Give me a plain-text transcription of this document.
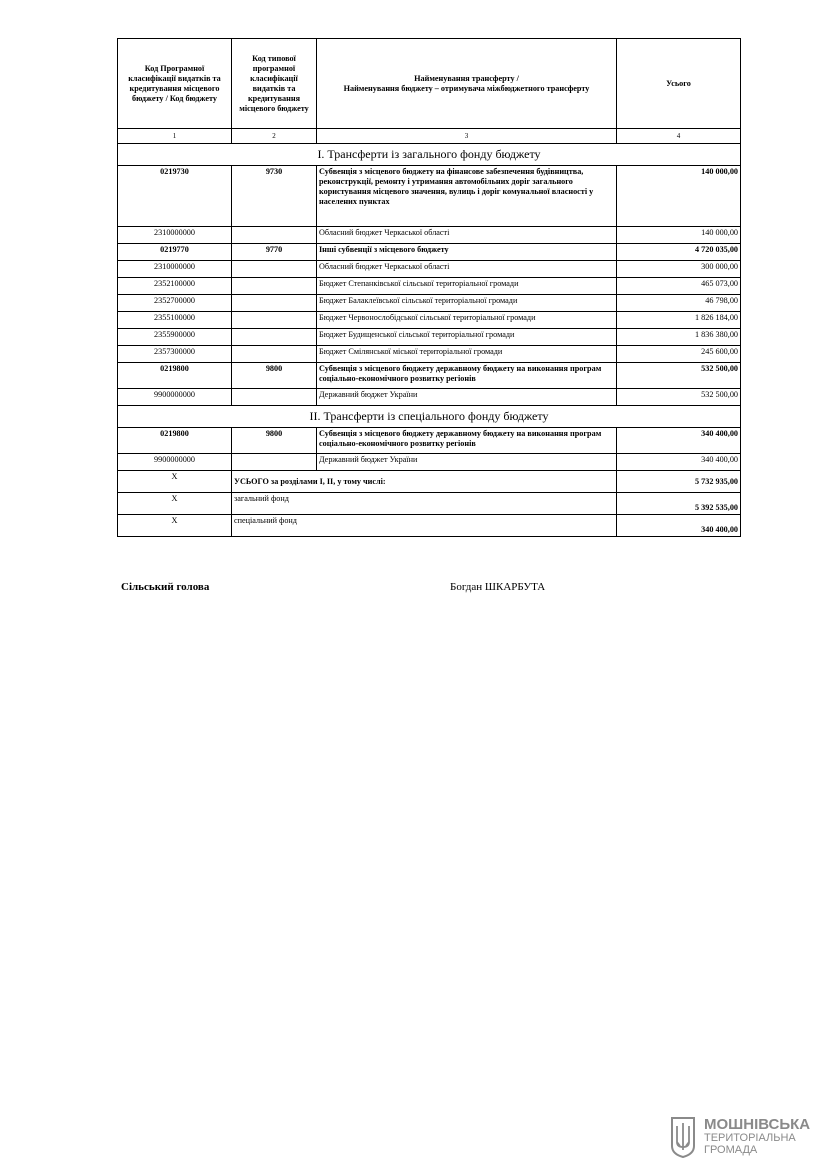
Код Програмної класифікації видатків та кредитування місцевого бюджету / Код бюджету	Код типової програмної класифікації видатків та кредитування місцевого бюджету	Найменування трансферту /
Найменування бюджету – отримувача міжбюджетного трансферту	Усього
1	2	3	4
I. Трансферти із загального фонду бюджету			
0219730	9730	Субвенція з місцевого бюджету на фінансове забезпечення будівництва, реконструкції, ремонту і утримання автомобільних доріг загального користування місцевого значення, вулиць і доріг комунальної власності у населених пунктах	140 000,00
2310000000		Обласний бюджет Черкаської області	140 000,00
0219770	9770	Інші субвенції з місцевого бюджету	4 720 035,00
2310000000		Обласний бюджет Черкаської області	300 000,00
2352100000		Бюджет Степанківської сільської територіальної громади	465 073,00
2352700000		Бюджет Балаклеївської сільської територіальної громади	46 798,00
2355100000		Бюджет Червонослобідської сільської територіальної громади	1 826 184,00
2355900000		Бюджет Будищенської сільської територіальної громади	1 836 380,00
2357300000		Бюджет Смілянської міської територіальної громади	245 600,00
0219800	9800	Субвенція з місцевого бюджету державному бюджету на виконання програм соціально-економічного розвитку регіонів	532 500,00
9900000000		Державний бюджет України	532 500,00
II. Трансферти із спеціального фонду бюджету			
0219800	9800	Субвенція з місцевого бюджету державному бюджету на виконання програм соціально-економічного розвитку регіонів	340 400,00
9900000000		Державний бюджет України	340 400,00
X	УСЬОГО за розділами I, II, у тому числі:		5 732 935,00
X	загальний фонд		5 392 535,00
X	спеціальний фонд		340 400,00
Сільський голова	Богдан ШКАРБУТА
МОШНІВСЬКА
ТЕРИТОРІАЛЬНА
ГРОМАДА
